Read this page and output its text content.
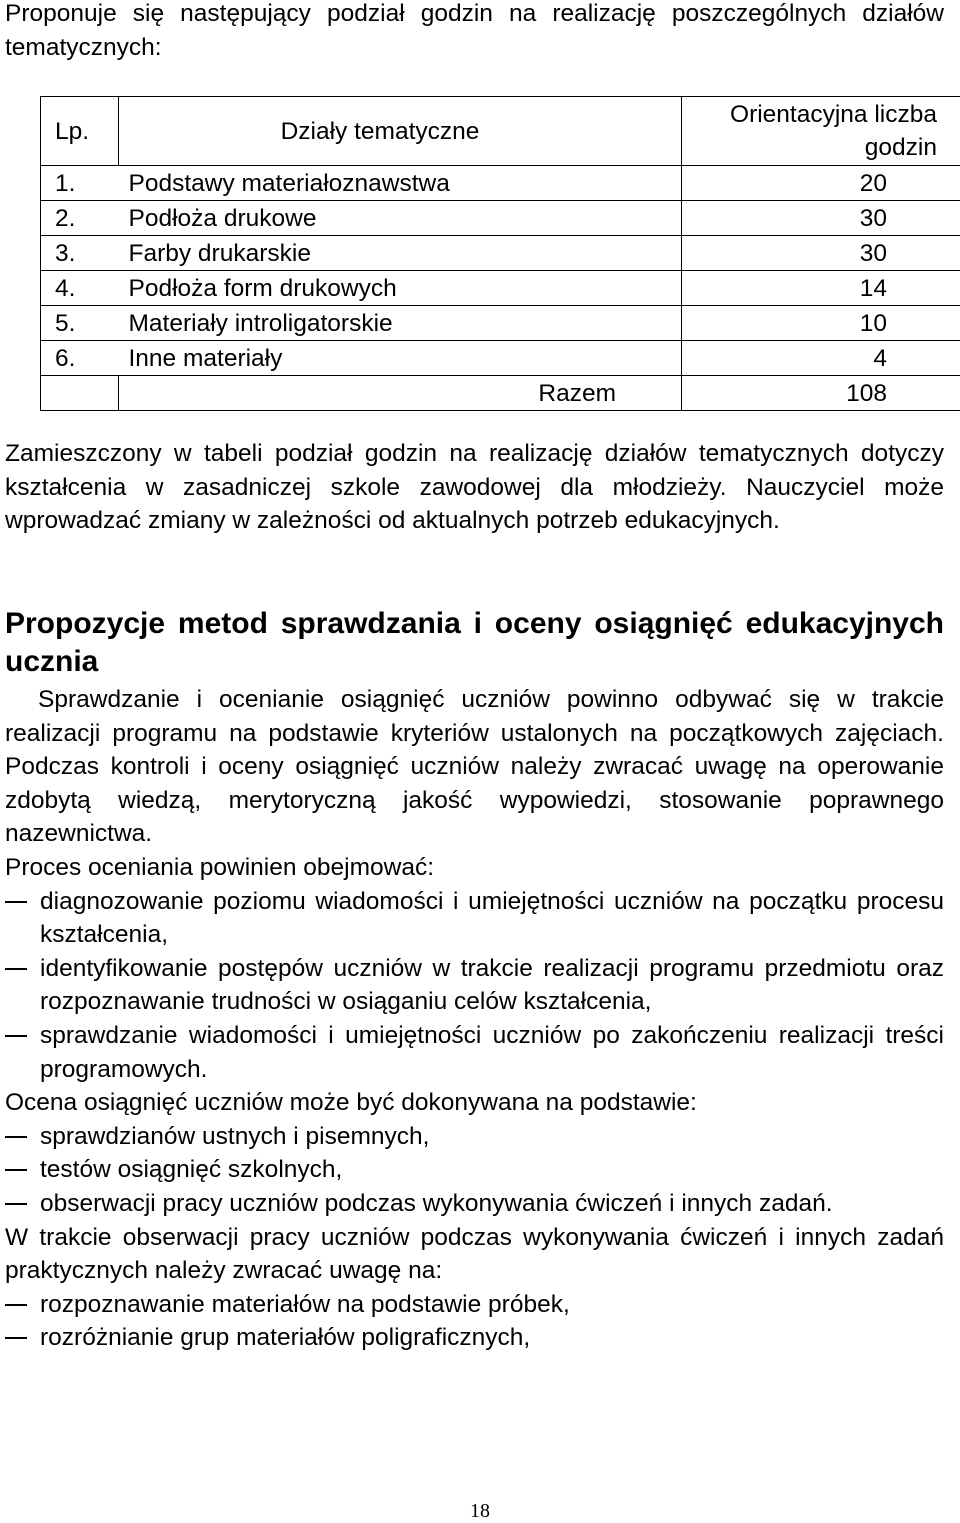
Proponuje się następujący podział godzin na realizację poszczególnych działów tematycznych:

Lp.	Działy tematyczne	Orientacyjna liczba godzin
1.	Podstawy materiałoznawstwa	20
2.	Podłoża drukowe	30
3.	Farby drukarskie	30
4.	Podłoża form drukowych	14
5.	Materiały introligatorskie	10
6.	Inne materiały	4
	Razem	108

Zamieszczony w tabeli podział godzin na realizację działów tematycznych dotyczy kształcenia w zasadniczej szkole zawodowej dla młodzieży. Nauczyciel może wprowadzać zmiany w zależności od aktualnych potrzeb edukacyjnych.

Propozycje metod sprawdzania i oceny osiągnięć edukacyjnych ucznia

Sprawdzanie i ocenianie osiągnięć uczniów powinno odbywać się w trakcie realizacji programu na podstawie kryteriów ustalonych na początkowych zajęciach. Podczas kontroli i oceny osiągnięć uczniów należy zwracać uwagę na operowanie zdobytą wiedzą, merytoryczną jakość wypowiedzi, stosowanie poprawnego nazewnictwa.

Proces oceniania powinien obejmować:

diagnozowanie poziomu wiadomości i umiejętności uczniów na początku procesu kształcenia,
identyfikowanie postępów uczniów w trakcie realizacji programu przedmiotu oraz rozpoznawanie trudności w osiąganiu celów kształcenia,
sprawdzanie wiadomości i umiejętności uczniów po zakończeniu realizacji treści programowych.

Ocena osiągnięć uczniów może być dokonywana na podstawie:

sprawdzianów ustnych i pisemnych,
testów osiągnięć szkolnych,
obserwacji pracy uczniów podczas wykonywania ćwiczeń i innych zadań.

W trakcie obserwacji pracy uczniów podczas wykonywania ćwiczeń i innych zadań praktycznych należy zwracać uwagę na:

rozpoznawanie materiałów na podstawie próbek,
rozróżnianie grup materiałów poligraficznych,
18
